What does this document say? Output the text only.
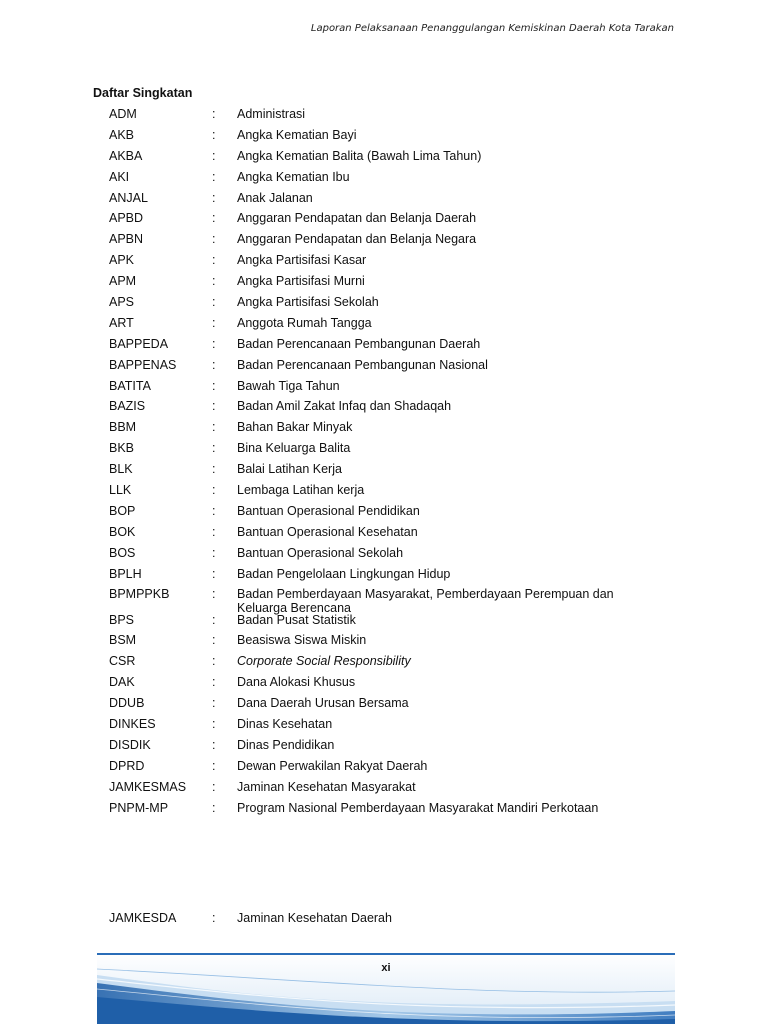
Laporan Pelaksanaan Penanggulangan Kemiskinan Daerah Kota Tarakan
Daftar Singkatan
ADM	: Administrasi
AKB	: Angka Kematian Bayi
AKBA	: Angka Kematian Balita (Bawah Lima Tahun)
AKI	: Angka Kematian Ibu
ANJAL	: Anak Jalanan
APBD	: Anggaran Pendapatan dan Belanja Daerah
APBN	: Anggaran Pendapatan dan Belanja Negara
APK	: Angka Partisifasi Kasar
APM	: Angka Partisifasi Murni
APS	: Angka Partisifasi Sekolah
ART	: Anggota Rumah Tangga
BAPPEDA	: Badan Perencanaan Pembangunan Daerah
BAPPENAS	: Badan Perencanaan Pembangunan Nasional
BATITA	: Bawah Tiga Tahun
BAZIS	: Badan Amil Zakat Infaq dan Shadaqah
BBM	: Bahan Bakar Minyak
BKB	: Bina Keluarga Balita
BLK	: Balai Latihan Kerja
LLK	: Lembaga Latihan kerja
BOP	: Bantuan Operasional Pendidikan
BOK	: Bantuan Operasional Kesehatan
BOS	: Bantuan Operasional Sekolah
BPLH	: Badan Pengelolaan Lingkungan Hidup
BPMPPKB	: Badan Pemberdayaan Masyarakat, Pemberdayaan Perempuan dan Keluarga Berencana
BPS	: Badan Pusat Statistik
BSM	: Beasiswa Siswa Miskin
CSR	: Corporate Social Responsibility
DAK	: Dana Alokasi Khusus
DDUB	: Dana Daerah Urusan Bersama
DINKES	: Dinas Kesehatan
DISDIK	: Dinas Pendidikan
DPRD	: Dewan Perwakilan Rakyat Daerah
JAMKESMAS : Jaminan Kesehatan Masyarakat
PNPM-MP	: Program Nasional Pemberdayaan Masyarakat Mandiri Perkotaan
JAMKESDA	: Jaminan Kesehatan Daerah
xi
